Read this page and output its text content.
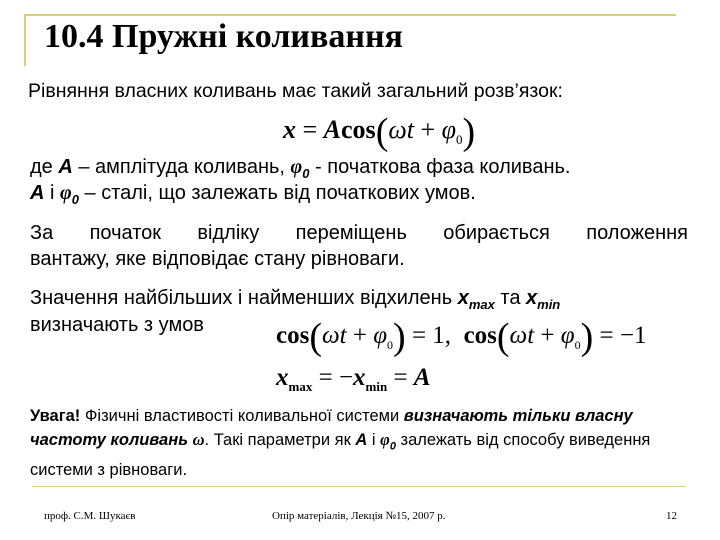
10.4 Пружні коливання
Рівняння власних коливань має такий загальний розв’язок:
$x = Acos(\omega t + \varphi_0)$
де A – амплітуда коливань, $\varphi_0$ - початкова фаза коливань.
A і $\varphi_0$ – сталі, що залежать від початкових умов.
За початок відліку переміщень обирається положення
вантажу, яке відповідає стану рівноваги.
Значення найбільших і найменших відхилень $x_{max}$ та $x_{min}$
визначають з умов	$\cos(\omega t + \varphi_0) = 1$, $\cos(\omega t + \varphi_0) = -1$
$x_{max} = -x_{min} = A$
Увага! Фізичні властивості коливальної системи визначають тільки власну частоту коливань ω. Такі параметри як A і $\varphi_0$ залежать від способу виведення системи з рівноваги.
проф. С.М. Шукаєв	Опір матеріалів, Лекція №15, 2007 р.	12
